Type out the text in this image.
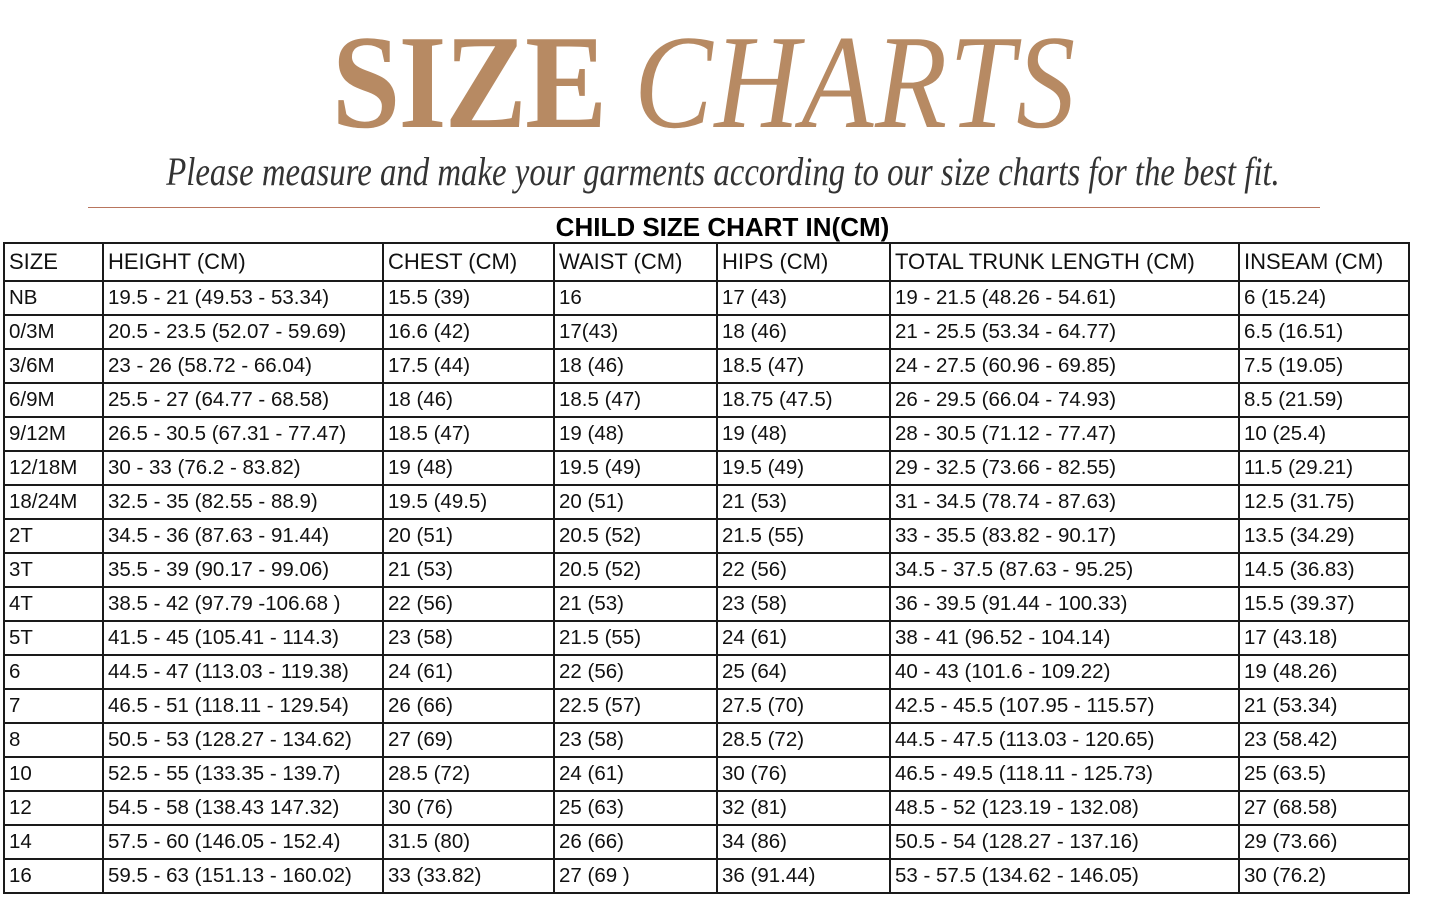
SIZE CHARTS
Please measure and make your garments according to our size charts for the best fit.
CHILD SIZE CHART IN(CM)
SIZE	HEIGHT (CM)	CHEST (CM)	WAIST (CM)	HIPS (CM)	TOTAL TRUNK LENGTH (CM)	INSEAM (CM)
NB	19.5 - 21 (49.53 - 53.34)	15.5 (39)	16	17 (43)	19 - 21.5 (48.26 - 54.61)	6 (15.24)
0/3M	20.5 - 23.5 (52.07 - 59.69)	16.6 (42)	17(43)	18 (46)	21 - 25.5 (53.34 - 64.77)	6.5 (16.51)
3/6M	23 - 26 (58.72 - 66.04)	17.5 (44)	18 (46)	18.5 (47)	24 - 27.5 (60.96 - 69.85)	7.5 (19.05)
6/9M	25.5 - 27 (64.77 - 68.58)	18 (46)	18.5 (47)	18.75 (47.5)	26 - 29.5 (66.04 - 74.93)	8.5 (21.59)
9/12M	26.5 - 30.5 (67.31 - 77.47)	18.5 (47)	19 (48)	19 (48)	28 - 30.5 (71.12 - 77.47)	10 (25.4)
12/18M	30 - 33 (76.2 - 83.82)	19 (48)	19.5 (49)	19.5 (49)	29 - 32.5 (73.66 - 82.55)	11.5 (29.21)
18/24M	32.5 - 35 (82.55 - 88.9)	19.5 (49.5)	20 (51)	21 (53)	31 - 34.5 (78.74 - 87.63)	12.5 (31.75)
2T	34.5 - 36 (87.63 - 91.44)	20 (51)	20.5 (52)	21.5 (55)	33 - 35.5 (83.82 - 90.17)	13.5 (34.29)
3T	35.5 - 39 (90.17 - 99.06)	21 (53)	20.5 (52)	22 (56)	34.5 - 37.5 (87.63 - 95.25)	14.5 (36.83)
4T	38.5 - 42 (97.79 -106.68 )	22 (56)	21 (53)	23 (58)	36 - 39.5 (91.44 - 100.33)	15.5 (39.37)
5T	41.5 - 45 (105.41 - 114.3)	23 (58)	21.5 (55)	24 (61)	38 - 41 (96.52 - 104.14)	17 (43.18)
6	44.5 - 47 (113.03 - 119.38)	24 (61)	22 (56)	25 (64)	40 - 43 (101.6 - 109.22)	19 (48.26)
7	46.5 - 51 (118.11 - 129.54)	26 (66)	22.5 (57)	27.5 (70)	42.5 - 45.5 (107.95 - 115.57)	21 (53.34)
8	50.5 - 53 (128.27 - 134.62)	27 (69)	23 (58)	28.5 (72)	44.5 - 47.5 (113.03 - 120.65)	23 (58.42)
10	52.5 - 55 (133.35 - 139.7)	28.5 (72)	24 (61)	30 (76)	46.5 - 49.5 (118.11 - 125.73)	25 (63.5)
12	54.5 - 58 (138.43 147.32)	30 (76)	25 (63)	32 (81)	48.5 - 52 (123.19 - 132.08)	27 (68.58)
14	57.5 - 60 (146.05 - 152.4)	31.5 (80)	26 (66)	34 (86)	50.5 - 54 (128.27 - 137.16)	29 (73.66)
16	59.5 - 63 (151.13 - 160.02)	33 (33.82)	27 (69 )	36 (91.44)	53 - 57.5 (134.62 - 146.05)	30 (76.2)
